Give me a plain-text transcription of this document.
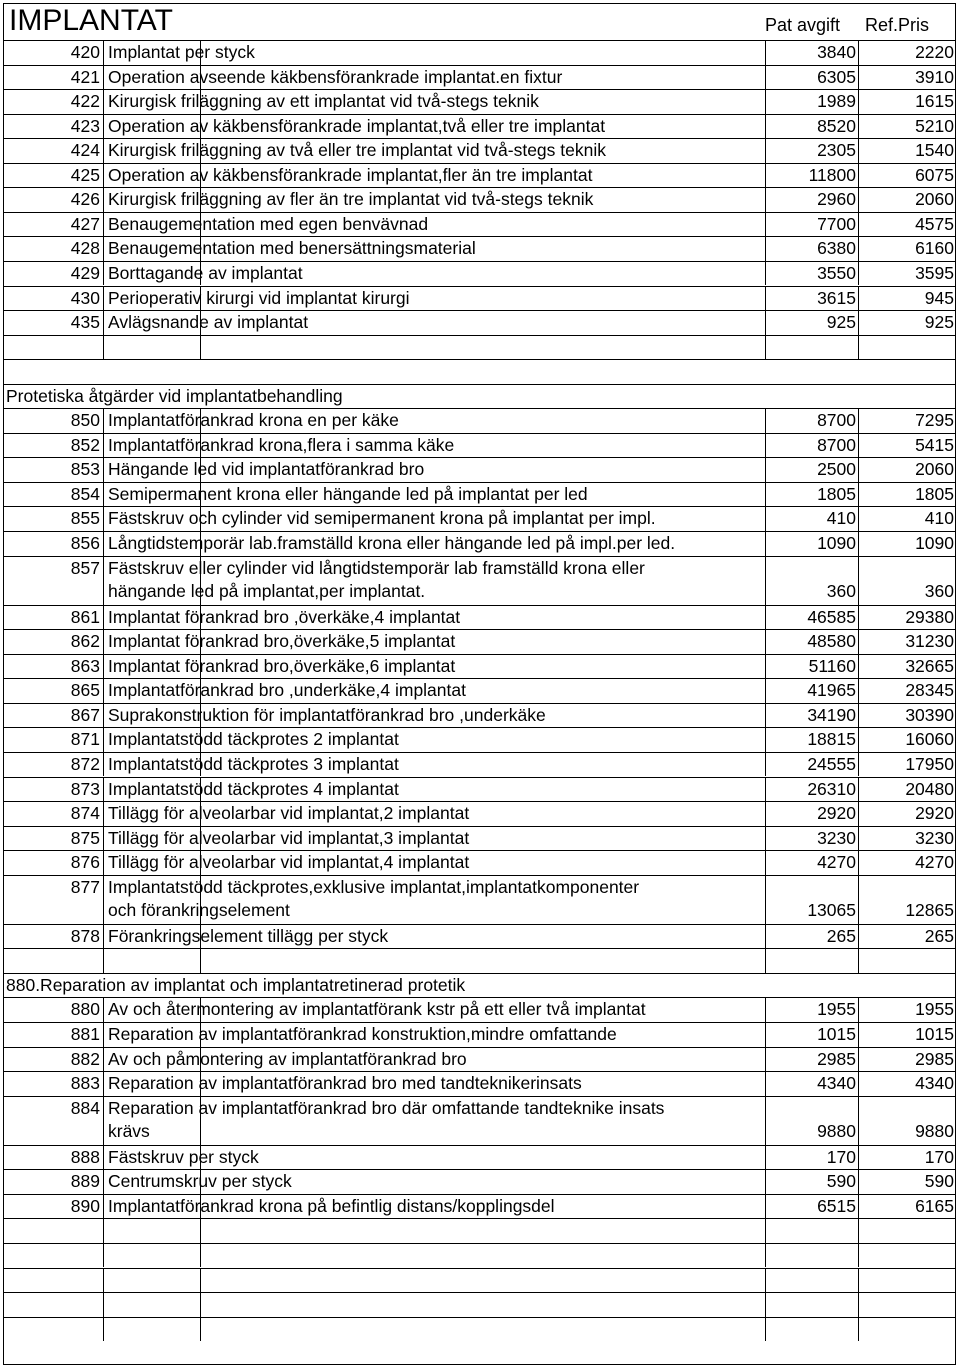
IMPLANTAT	Pat avgift Ref.Pris
420 Implantat per styck	3840	2220
421 Operation avseende käkbensförankrade implantat.en fixtur	6305	3910
422 Kirurgisk friläggning av ett implantat vid två-stegs teknik	1989	1615
423 Operation av käkbensförankrade implantat,två eller tre implantat	8520	5210
424 Kirurgisk friläggning av två eller tre implantat vid två-stegs teknik	2305	1540
425 Operation av käkbensförankrade implantat,fler än tre implantat	11800	6075
426 Kirurgisk friläggning av fler än tre implantat vid två-stegs teknik	2960	2060
427 Benaugementation med egen benvävnad	7700	4575
428 Benaugementation med benersättningsmaterial	6380	6160
429 Borttagande av implantat	3550	3595
430 Perioperativ kirurgi vid implantat kirurgi	3615	945
435 Avlägsnande av implantat	925	925
Protetiska åtgärder vid implantatbehandling
850 Implantatförankrad krona en per käke	8700	7295
852 Implantatförankrad krona,flera i samma käke	8700	5415
853 Hängande led vid implantatförankrad bro	2500	2060
854 Semipermanent krona eller hängande led på implantat per led	1805	1805
855 Fästskruv och cylinder vid semipermanent krona på implantat per impl.	410	410
856 Långtidstemporär lab.framställd krona eller hängande led på impl.per led.	1090	1090
857 Fästskruv eller cylinder vid långtidstemporär lab framställd krona eller
hängande led på implantat,per implantat.	360	360
861 Implantat förankrad bro ,överkäke,4 implantat	46585	29380
862 Implantat förankrad bro,överkäke,5 implantat	48580	31230
863 Implantat förankrad bro,överkäke,6 implantat	51160	32665
865 Implantatförankrad bro ,underkäke,4 implantat	41965	28345
867 Suprakonstruktion för implantatförankrad bro ,underkäke	34190	30390
871 Implantatstödd täckprotes 2 implantat	18815	16060
872 Implantatstödd täckprotes 3 implantat	24555	17950
873 Implantatstödd täckprotes 4 implantat	26310	20480
874 Tillägg för alveolarbar vid implantat,2 implantat	2920	2920
875 Tillägg för alveolarbar vid implantat,3 implantat	3230	3230
876 Tillägg för alveolarbar vid implantat,4 implantat	4270	4270
877 Implantatstödd täckprotes,exklusive implantat,implantatkomponenter
och förankringselement	13065	12865
878 Förankringselement tillägg per styck	265	265
880.Reparation av implantat och implantatretinerad protetik
880 Av och återmontering av implantatförank kstr på ett eller två implantat	1955	1955
881 Reparation av implantatförankrad konstruktion,mindre omfattande	1015	1015
882 Av och påmontering av implantatförankrad bro	2985	2985
883 Reparation av implantatförankrad bro med tandteknikerinsats	4340	4340
884 Reparation av implantatförankrad bro där omfattande tandteknike insats
krävs	9880	9880
888 Fästskruv per styck	170	170
889 Centrumskruv per styck	590	590
890 Implantatförankrad krona på befintlig distans/kopplingsdel	6515	6165
